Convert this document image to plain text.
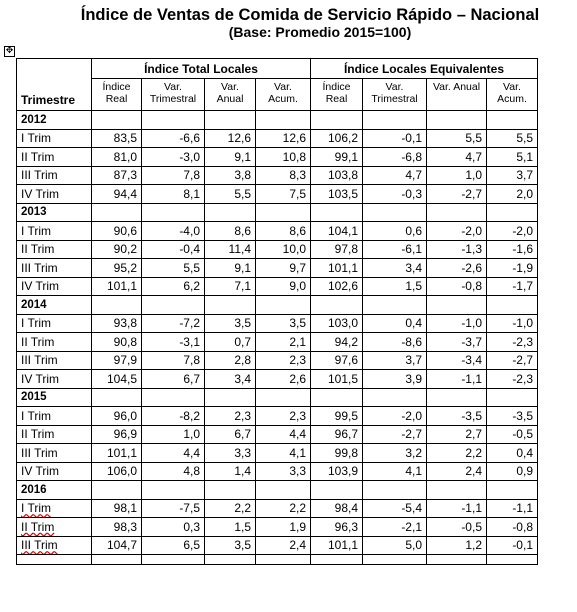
Índice de Ventas de Comida de Servicio Rápido – Nacional
(Base: Promedio 2015=100)
✥
Trimestre	Índice Total Locales				Índice Locales Equivalentes			
	Índice Real	Var. Trimestral	Var. Anual	Var. Acum.	Índice Real	Var. Trimestral	Var. Anual	Var. Acum.
2012								
I Trim	83,5	-6,6	12,6	12,6	106,2	-0,1	5,5	5,5
II Trim	81,0	-3,0	9,1	10,8	99,1	-6,8	4,7	5,1
III Trim	87,3	7,8	3,8	8,3	103,8	4,7	1,0	3,7
IV Trim	94,4	8,1	5,5	7,5	103,5	-0,3	-2,7	2,0
2013								
I Trim	90,6	-4,0	8,6	8,6	104,1	0,6	-2,0	-2,0
II Trim	90,2	-0,4	11,4	10,0	97,8	-6,1	-1,3	-1,6
III Trim	95,2	5,5	9,1	9,7	101,1	3,4	-2,6	-1,9
IV Trim	101,1	6,2	7,1	9,0	102,6	1,5	-0,8	-1,7
2014								
I Trim	93,8	-7,2	3,5	3,5	103,0	0,4	-1,0	-1,0
II Trim	90,8	-3,1	0,7	2,1	94,2	-8,6	-3,7	-2,3
III Trim	97,9	7,8	2,8	2,3	97,6	3,7	-3,4	-2,7
IV Trim	104,5	6,7	3,4	2,6	101,5	3,9	-1,1	-2,3
2015								
I Trim	96,0	-8,2	2,3	2,3	99,5	-2,0	-3,5	-3,5
II Trim	96,9	1,0	6,7	4,4	96,7	-2,7	2,7	-0,5
III Trim	101,1	4,4	3,3	4,1	99,8	3,2	2,2	0,4
IV Trim	106,0	4,8	1,4	3,3	103,9	4,1	2,4	0,9
2016								
I Trim	98,1	-7,5	2,2	2,2	98,4	-5,4	-1,1	-1,1
II Trim	98,3	0,3	1,5	1,9	96,3	-2,1	-0,5	-0,8
III Trim	104,7	6,5	3,5	2,4	101,1	5,0	1,2	-0,1
